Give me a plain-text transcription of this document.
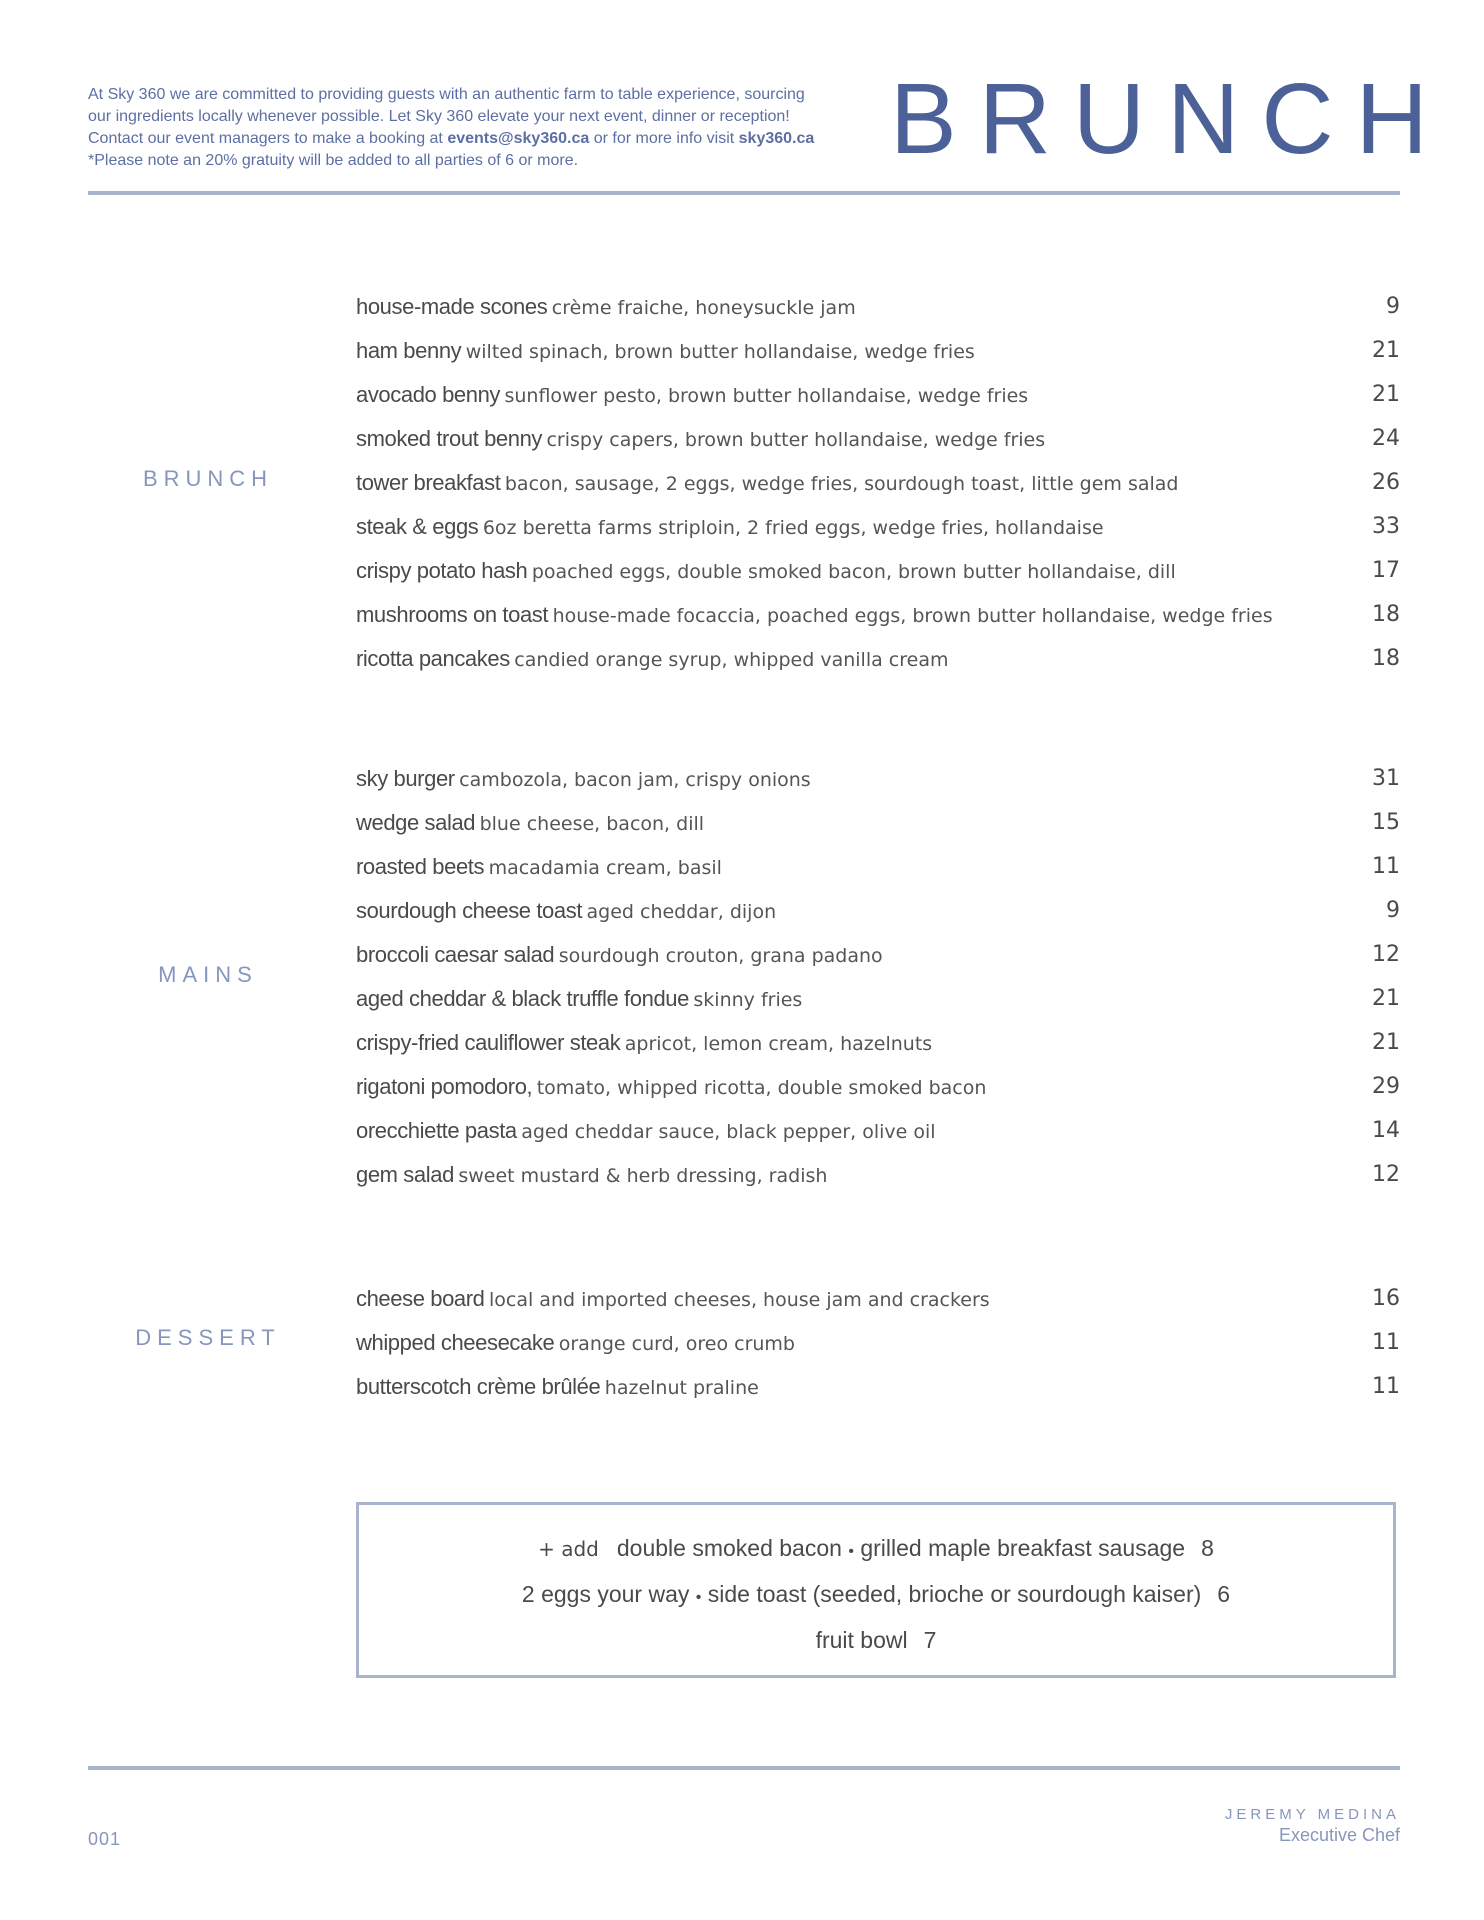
At Sky 360 we are committed to providing guests with an authentic farm to table experience, sourcing
our ingredients locally whenever possible. Let Sky 360 elevate your next event, dinner or reception!
Contact our event managers to make a booking at events@sky360.ca or for more info visit sky360.ca
*Please note an 20% gratuity will be added to all parties of 6 or more.	BRUNCH
BRUNCH
house-made scones crème fraiche, honeysuckle jam	9
ham benny wilted spinach, brown butter hollandaise, wedge fries	21
avocado benny sunflower pesto, brown butter hollandaise, wedge fries	21
smoked trout benny crispy capers, brown butter hollandaise, wedge fries	24
tower breakfast bacon, sausage, 2 eggs, wedge fries, sourdough toast, little gem salad	26
steak & eggs 6oz beretta farms striploin, 2 fried eggs, wedge fries, hollandaise	33
crispy potato hash poached eggs, double smoked bacon, brown butter hollandaise, dill	17
mushrooms on toast house-made focaccia, poached eggs, brown butter hollandaise, wedge fries	18
ricotta pancakes candied orange syrup, whipped vanilla cream	18
MAINS
sky burger cambozola, bacon jam, crispy onions	31
wedge salad blue cheese, bacon, dill	15
roasted beets macadamia cream, basil	11
sourdough cheese toast aged cheddar, dijon	9
broccoli caesar salad sourdough crouton, grana padano	12
aged cheddar & black truffle fondue skinny fries	21
crispy-fried cauliflower steak apricot, lemon cream, hazelnuts	21
rigatoni pomodoro, tomato, whipped ricotta, double smoked bacon	29
orecchiette pasta aged cheddar sauce, black pepper, olive oil	14
gem salad sweet mustard & herb dressing, radish	12
DESSERT
cheese board local and imported cheeses, house jam and crackers	16
whipped cheesecake orange curd, oreo crumb	11
butterscotch crème brûlée hazelnut praline	11
+ add double smoked bacon • grilled maple breakfast sausage 8
2 eggs your way • side toast (seeded, brioche or sourdough kaiser) 6
fruit bowl 7
001
JEREMY MEDINA
Executive Chef
